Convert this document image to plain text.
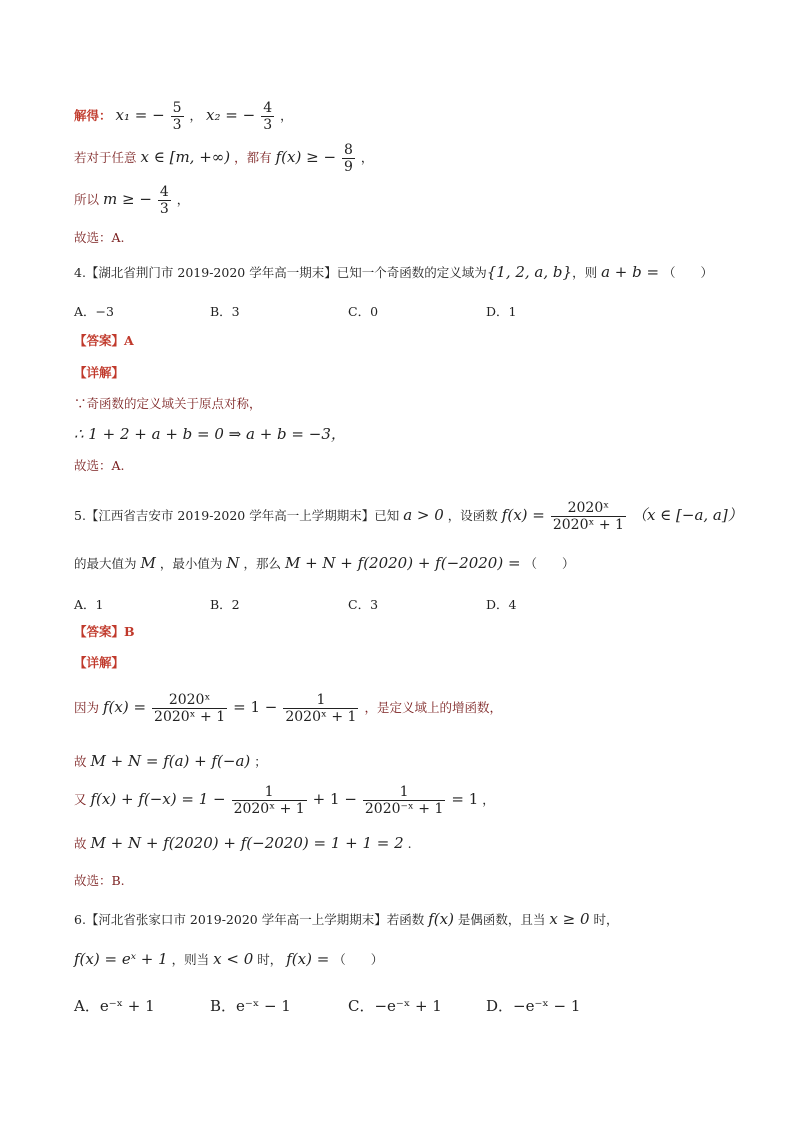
解得： x₁ = − $\frac{5}{3}$ ， x₂ = − $\frac{4}{3}$ ，
若对于任意 x ∈ [m, +∞) ，都有 f(x) ≥ − $\frac{8}{9}$ ，
所以 m ≥ − $\frac{4}{3}$ ，
故选：A.
4.【湖北省荆门市 2019-2020 学年高一期末】已知一个奇函数的定义域为{1, 2, a, b}，则 a + b = （　　）
A．−3	B．3	C．0	D．1
【答案】A
【详解】
∵奇函数的定义域关于原点对称，
∴ 1 + 2 + a + b = 0 ⇒ a + b = −3，
故选：A.
5.【江西省吉安市 2019-2020 学年高一上学期期末】已知 a > 0 ，设函数 $f(x) = \frac{\text{2020ˣ}}{\text{2020ˣ + 1}} (x$ ∈ [−a, a]）
的最大值为 M ，最小值为 N ，那么 M + N + f(2020) + f(−2020) = （　　）
A．1	B．2	C．3	D．4
【答案】B
【详解】
因为 $f(x) = \frac{\text{2020ˣ}}{\text{2020ˣ + 1}} = 1 - \frac{1}{\text{2020ˣ + 1}}$ ，是定义域上的增函数，
故 M + N = f(a) + f(−a) ；
又 $f(x) + f(-x) = 1 - \frac{1}{\text{2020ˣ + 1}} + 1 - \frac{1}{\text{2020⁻ˣ + 1}} = 1$ ，
故 M + N + f(2020) + f(−2020) = 1 + 1 = 2 .
故选：B.
6.【河北省张家口市 2019-2020 学年高一上学期期末】若函数 f(x) 是偶函数，且当 x ≥ 0 时，
f(x) = eˣ + 1 ，则当 x < 0 时， f(x) = （　　）
A．e⁻ˣ + 1	B．e⁻ˣ − 1	C．−e⁻ˣ + 1	D．−e⁻ˣ − 1
